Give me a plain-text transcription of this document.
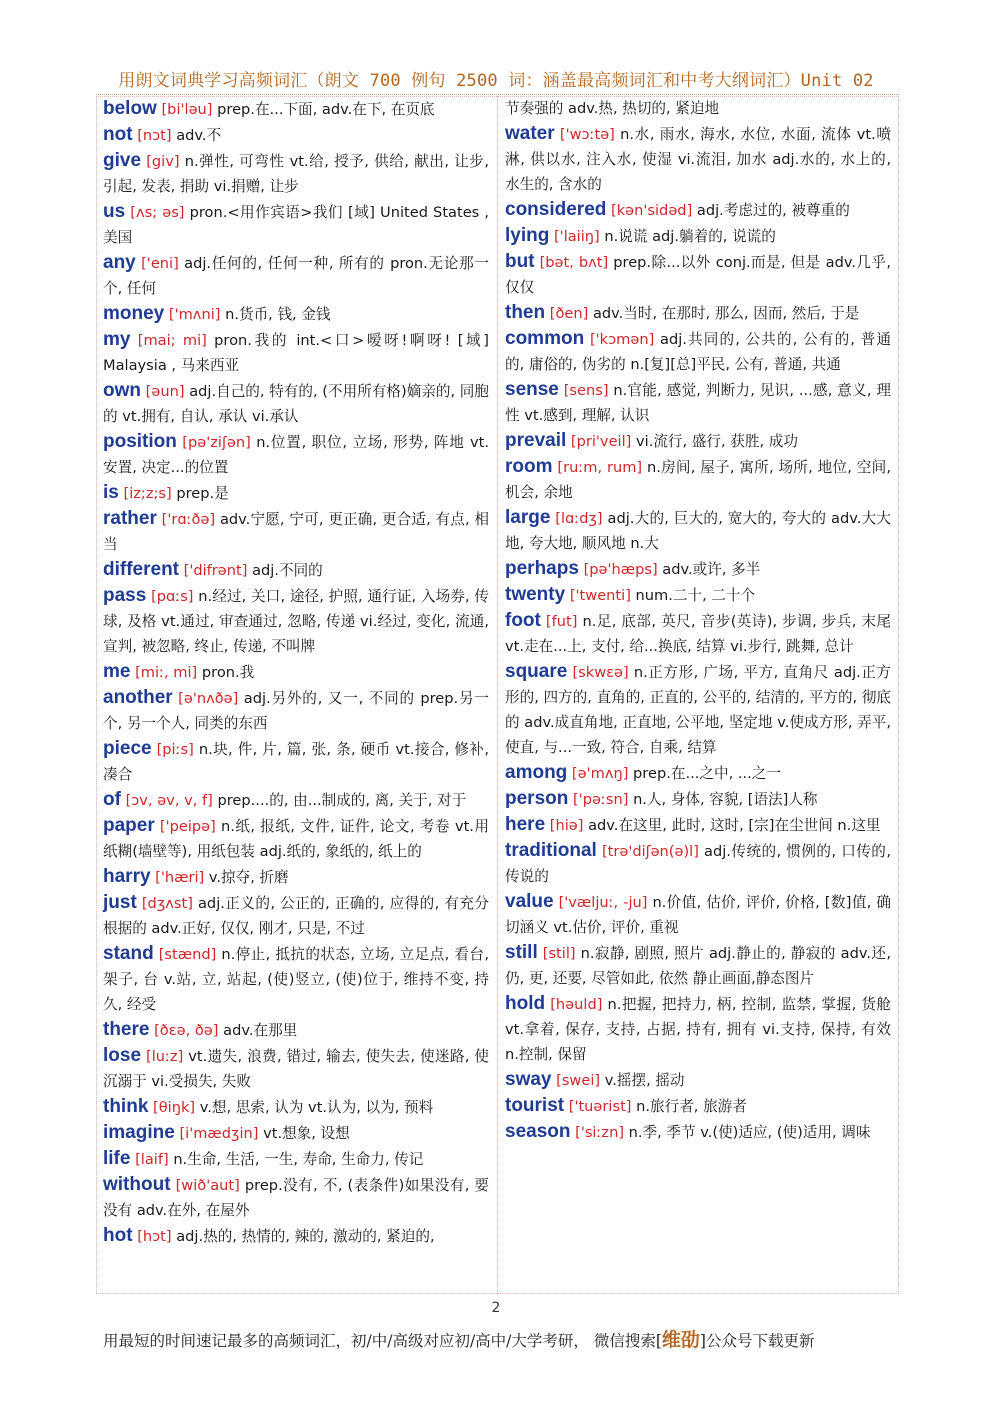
用朗文词典学习高频词汇（朗文 700 例句 2500 词：涵盖最高频词汇和中考大纲词汇）Unit 02

below [bi'ləu] prep.在...下面, adv.在下, 在页底

not [nɔt] adv.不

give [giv] n.弹性, 可弯性 vt.给, 授予, 供给, 献出, 让步, 引起, 发表, 捐助 vi.捐赠, 让步

us [ʌs; əs] pron.<用作宾语>我们 [域] United States , 美国

any ['eni] adj.任何的, 任何一种, 所有的 pron.无论那一个, 任何

money ['mʌni] n.货币, 钱, 金钱

my [mai; mi] pron.我的 int.<口>嗳呀!啊呀! [域] Malaysia , 马来西亚

own [əun] adj.自己的, 特有的, (不用所有格)嫡亲的, 同胞的 vt.拥有, 自认, 承认 vi.承认

position [pə'ziʃən] n.位置, 职位, 立场, 形势, 阵地 vt.安置, 决定...的位置

is [iz;z;s] prep.是

rather ['rɑːðə] adv.宁愿, 宁可, 更正确, 更合适, 有点, 相当

different ['difrənt] adj.不同的

pass [pɑːs] n.经过, 关口, 途径, 护照, 通行证, 入场券, 传球, 及格 vt.通过, 审查通过, 忽略, 传递 vi.经过, 变化, 流通, 宣判, 被忽略, 终止, 传递, 不叫牌

me [miː, mi] pron.我

another [ə'nʌðə] adj.另外的, 又一, 不同的 prep.另一个, 另一个人, 同类的东西

piece [piːs] n.块, 件, 片, 篇, 张, 条, 硬币 vt.接合, 修补, 凑合

of [ɔv, əv, v, f] prep....的, 由...制成的, 离, 关于, 对于

paper ['peipə] n.纸, 报纸, 文件, 证件, 论文, 考卷 vt.用纸糊(墙壁等), 用纸包装 adj.纸的, 象纸的, 纸上的

harry ['hæri] v.掠夺, 折磨

just [dʒʌst] adj.正义的, 公正的, 正确的, 应得的, 有充分根据的 adv.正好, 仅仅, 刚才, 只是, 不过

stand [stænd] n.停止, 抵抗的状态, 立场, 立足点, 看台, 架子, 台 v.站, 立, 站起, (使)竖立, (使)位于, 维持不变, 持久, 经受

there [ðɛə, ðə] adv.在那里

lose [luːz] vt.遗失, 浪费, 错过, 输去, 使失去, 使迷路, 使沉溺于 vi.受损失, 失败

think [θiŋk] v.想, 思索, 认为 vt.认为, 以为, 预料

imagine [i'mædʒin] vt.想象, 设想

life [laif] n.生命, 生活, 一生, 寿命, 生命力, 传记

without [wið'aut] prep.没有, 不, (表条件)如果没有, 要没有 adv.在外, 在屋外

hot [hɔt] adj.热的, 热情的, 辣的, 激动的, 紧迫的,

节奏强的 adv.热, 热切的, 紧迫地

water ['wɔːtə] n.水, 雨水, 海水, 水位, 水面, 流体 vt.喷淋, 供以水, 注入水, 使湿 vi.流泪, 加水 adj.水的, 水上的, 水生的, 含水的

considered [kən'sidəd] adj.考虑过的, 被尊重的

lying ['laiiŋ] n.说谎 adj.躺着的, 说谎的

but [bət, bʌt] prep.除...以外 conj.而是, 但是 adv.几乎, 仅仅

then [ðen] adv.当时, 在那时, 那么, 因而, 然后, 于是

common ['kɔmən] adj.共同的, 公共的, 公有的, 普通的, 庸俗的, 伪劣的 n.[复][总]平民, 公有, 普通, 共通

sense [sens] n.官能, 感觉, 判断力, 见识, ...感, 意义, 理性 vt.感到, 理解, 认识

prevail [pri'veil] vi.流行, 盛行, 获胜, 成功

room [ruːm, rum] n.房间, 屋子, 寓所, 场所, 地位, 空间, 机会, 余地

large [lɑːdʒ] adj.大的, 巨大的, 宽大的, 夸大的 adv.大大地, 夸大地, 顺风地 n.大

perhaps [pə'hæps] adv.或许, 多半

twenty ['twenti] num.二十, 二十个

foot [fut] n.足, 底部, 英尺, 音步(英诗), 步调, 步兵, 末尾 vt.走在...上, 支付, 给...换底, 结算 vi.步行, 跳舞, 总计

square [skwɛə] n.正方形, 广场, 平方, 直角尺 adj.正方形的, 四方的, 直角的, 正直的, 公平的, 结清的, 平方的, 彻底的 adv.成直角地, 正直地, 公平地, 坚定地 v.使成方形, 弄平, 使直, 与...一致, 符合, 自乘, 结算

among [ə'mʌŋ] prep.在...之中, ...之一

person ['pəːsn] n.人, 身体, 容貌, [语法]人称

here [hiə] adv.在这里, 此时, 这时, [宗]在尘世间 n.这里

traditional [trə'diʃən(ə)l] adj.传统的, 惯例的, 口传的, 传说的

value ['væljuː, -ju] n.价值, 估价, 评价, 价格, [数]值, 确切涵义 vt.估价, 评价, 重视

still [stil] n.寂静, 剧照, 照片 adj.静止的, 静寂的 adv.还, 仍, 更, 还要, 尽管如此, 依然 静止画面,静态图片

hold [həuld] n.把握, 把持力, 柄, 控制, 监禁, 掌握, 货舱 vt.拿着, 保存, 支持, 占据, 持有, 拥有 vi.支持, 保持, 有效 n.控制, 保留

sway [swei] v.摇摆, 摇动

tourist ['tuərist] n.旅行者, 旅游者

season ['siːzn] n.季, 季节 v.(使)适应, (使)适用, 调味

2
用最短的时间速记最多的高频词汇，初/中/高级对应初/高中/大学考研， 微信搜索[维劭]公众号下载更新
